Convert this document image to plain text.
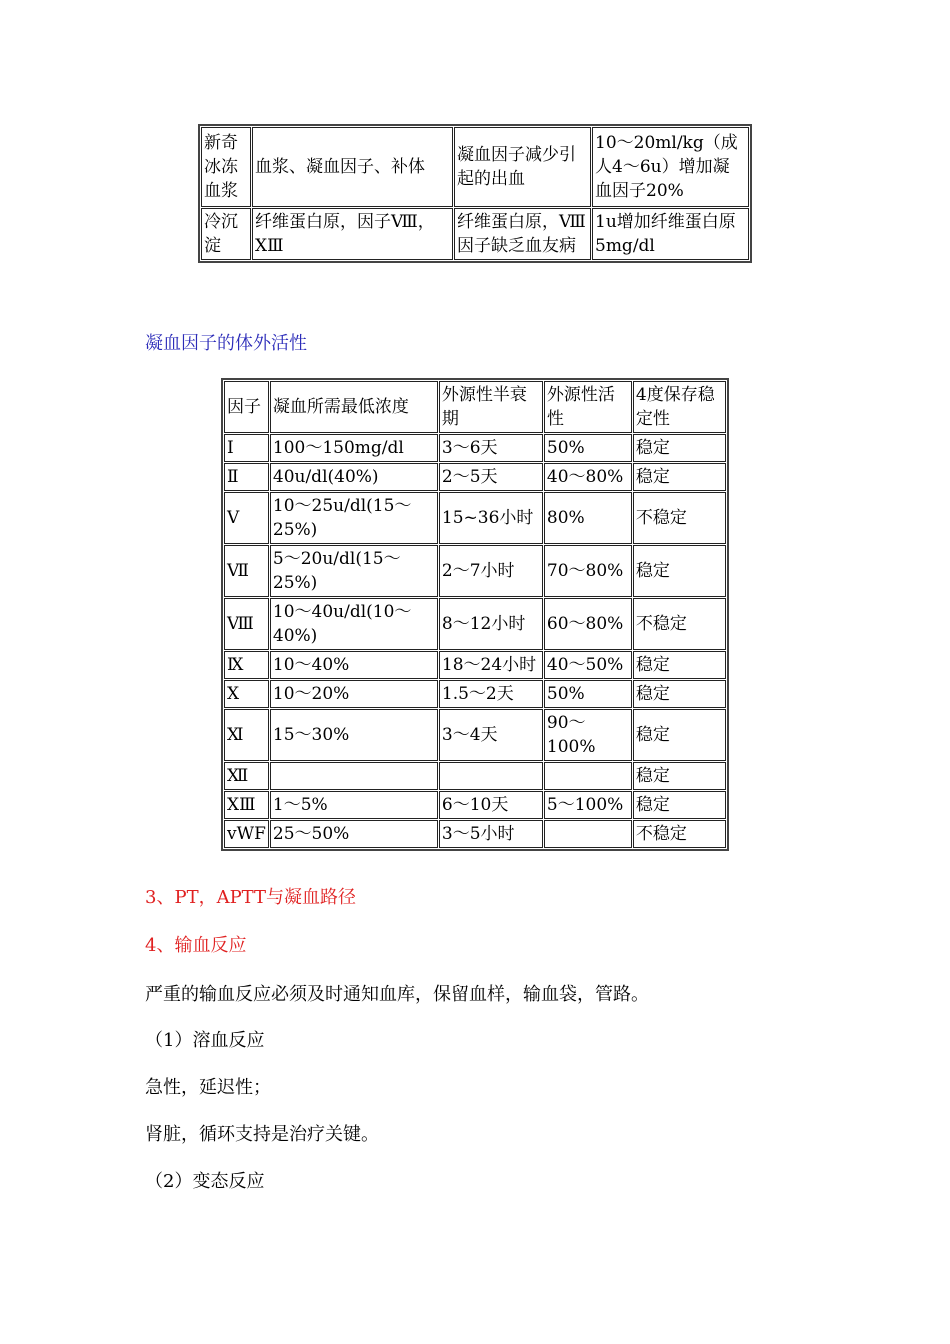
新奇冰冻血浆	血浆、凝血因子、补体	凝血因子减少引起的出血	10～20ml/kg（成人4～6u）增加凝血因子20%
冷沉淀	纤维蛋白原，因子Ⅷ，ⅩⅢ	纤维蛋白原，Ⅷ因子缺乏血友病	1u增加纤维蛋白原5mg/dl
凝血因子的体外活性
因子	凝血所需最低浓度	外源性半衰期	外源性活性	4度保存稳定性
Ⅰ	100～150mg/dl	3～6天	50%	稳定
Ⅱ	40u/dl(40%)	2～5天	40～80%	稳定
Ⅴ	10～25u/dl(15～25%)	15~36小时	80%	不稳定
Ⅶ	5～20u/dl(15～25%)	2～7小时	70～80%	稳定
Ⅷ	10～40u/dl(10～40%)	8～12小时	60～80%	不稳定
Ⅸ	10～40%	18～24小时	40～50%	稳定
Ⅹ	10～20%	1.5～2天	50%	稳定
Ⅺ	15～30%	3～4天	90～100%	稳定
Ⅻ				稳定
ⅩⅢ	1～5%	6～10天	5～100%	稳定
vWF	25～50%	3～5小时		不稳定
3、PT，APTT与凝血路径
4、输血反应
严重的输血反应必须及时通知血库，保留血样，输血袋，管路。
（1）溶血反应
急性，延迟性；
肾脏，循环支持是治疗关键。
（2）变态反应
